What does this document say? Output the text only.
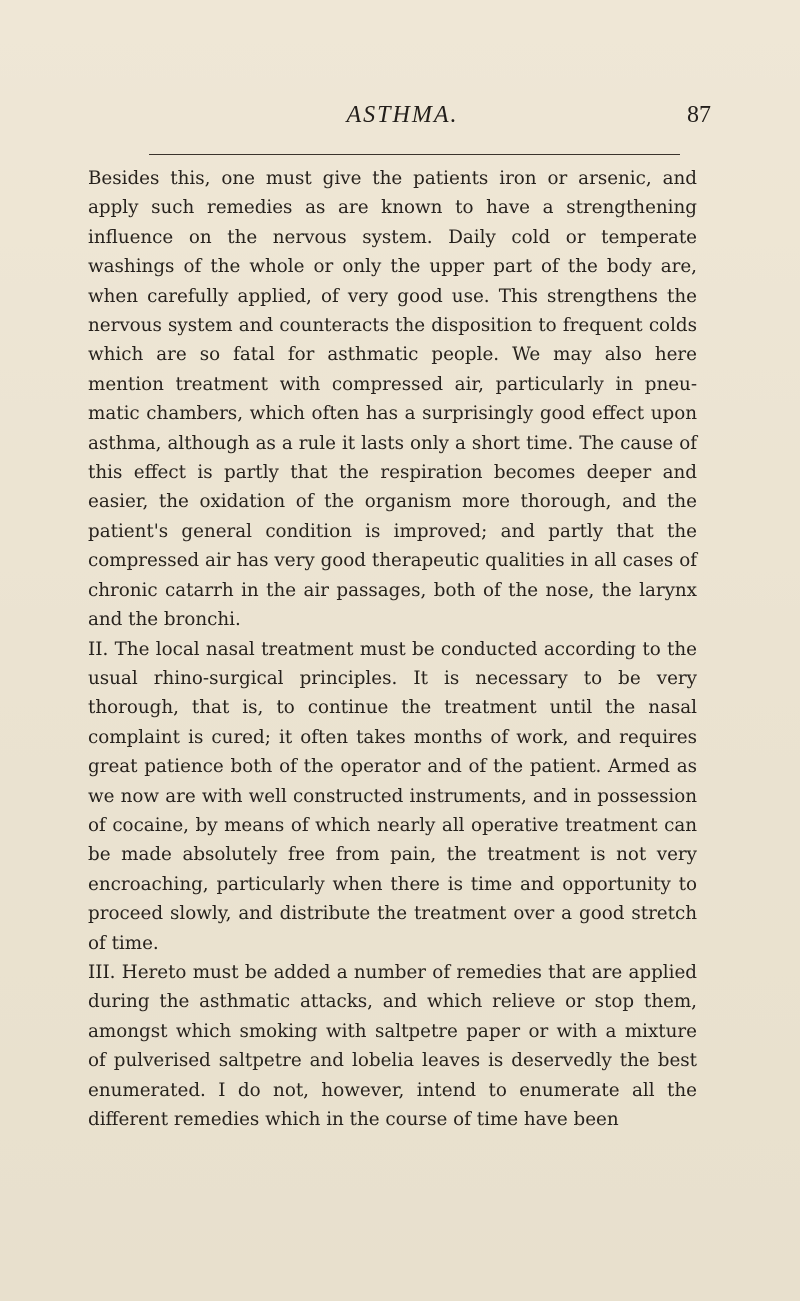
ASTHMA.	87

Besides this, one must give the patients iron or arsenic, and apply such remedies as are known to have a strengthening influence on the nervous system. Daily cold or temperate washings of the whole or only the upper part of the body are, when carefully applied, of very good use. This strengthens the nervous system and counteracts the disposition to frequent colds which are so fatal for asthmatic people. We may also here mention treatment with compressed air, particularly in pneu- matic chambers, which often has a surprisingly good effect upon asthma, although as a rule it lasts only a short time. The cause of this effect is partly that the respiration becomes deeper and easier, the oxidation of the organism more thorough, and the patient's general condition is improved; and partly that the compressed air has very good therapeutic qualities in all cases of chronic catarrh in the air passages, both of the nose, the larynx and the bronchi.

II. The local nasal treatment must be conducted according to the usual rhino-surgical principles. It is necessary to be very thorough, that is, to continue the treatment until the nasal complaint is cured; it often takes months of work, and requires great patience both of the operator and of the patient. Armed as we now are with well constructed instruments, and in possession of cocaine, by means of which nearly all operative treatment can be made absolutely free from pain, the treatment is not very encroaching, particularly when there is time and opportunity to proceed slowly, and distribute the treatment over a good stretch of time.

III. Hereto must be added a number of remedies that are applied during the asthmatic attacks, and which relieve or stop them, amongst which smoking with saltpetre paper or with a mixture of pulverised saltpetre and lobelia leaves is deservedly the best enumerated. I do not, however, intend to enumerate all the different remedies which in the course of time have been
